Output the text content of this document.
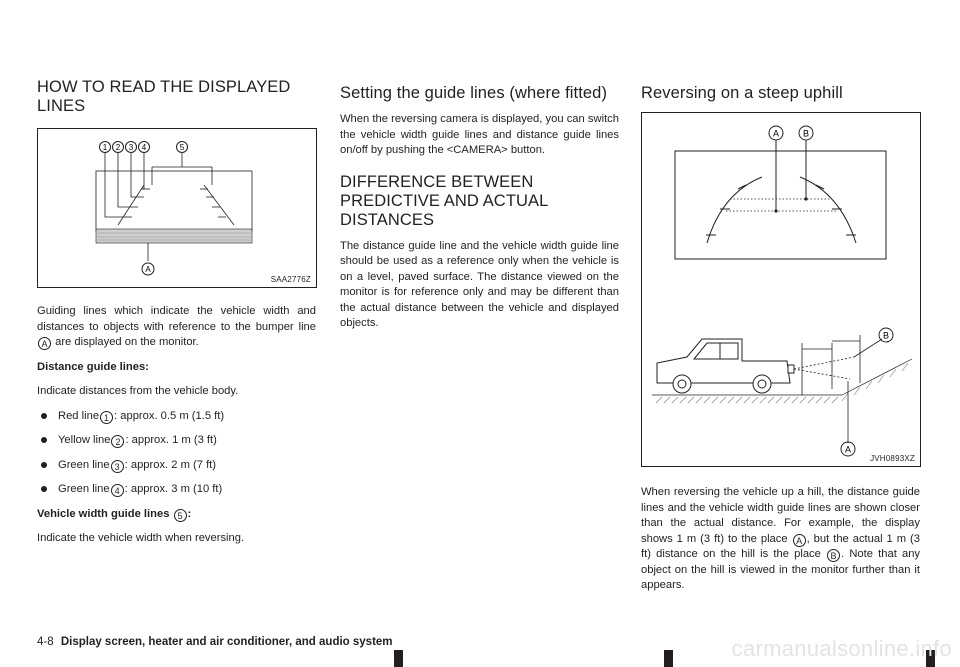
HOW TO READ THE DISPLAYED LINES
1 2 3 4	5
A
SAA2776Z

Guiding lines which indicate the vehicle width and distances to objects with reference to the bumper line A are displayed on the monitor.

Distance guide lines:

Indicate distances from the vehicle body.

Red line 1 : approx. 0.5 m (1.5 ft)
Yellow line 2 : approx. 1 m (3 ft)
Green line 3 : approx. 2 m (7 ft)
Green line 4 : approx. 3 m (10 ft)

Vehicle width guide lines 5 :

Indicate the vehicle width when reversing.

Setting the guide lines (where fitted)

When the reversing camera is displayed, you can switch the vehicle width guide lines and distance guide lines on/off by pushing the <CAMERA> button.

DIFFERENCE BETWEEN PREDICTIVE AND ACTUAL DISTANCES

The distance guide line and the vehicle width guide line should be used as a reference only when the vehicle is on a level, paved surface. The distance viewed on the monitor is for reference only and may be different than the actual distance between the vehicle and displayed objects.

Reversing on a steep uphill
A	B
B
A
JVH0893XZ

When reversing the vehicle up a hill, the distance guide lines and the vehicle width guide lines are shown closer than the actual distance. For example, the display shows 1 m (3 ft) to the place A , but the actual 1 m (3 ft) distance on the hill is the place B . Note that any object on the hill is viewed in the monitor further than it appears.

4-8 Display screen, heater and air conditioner, and audio system	carmanualsonline.info
